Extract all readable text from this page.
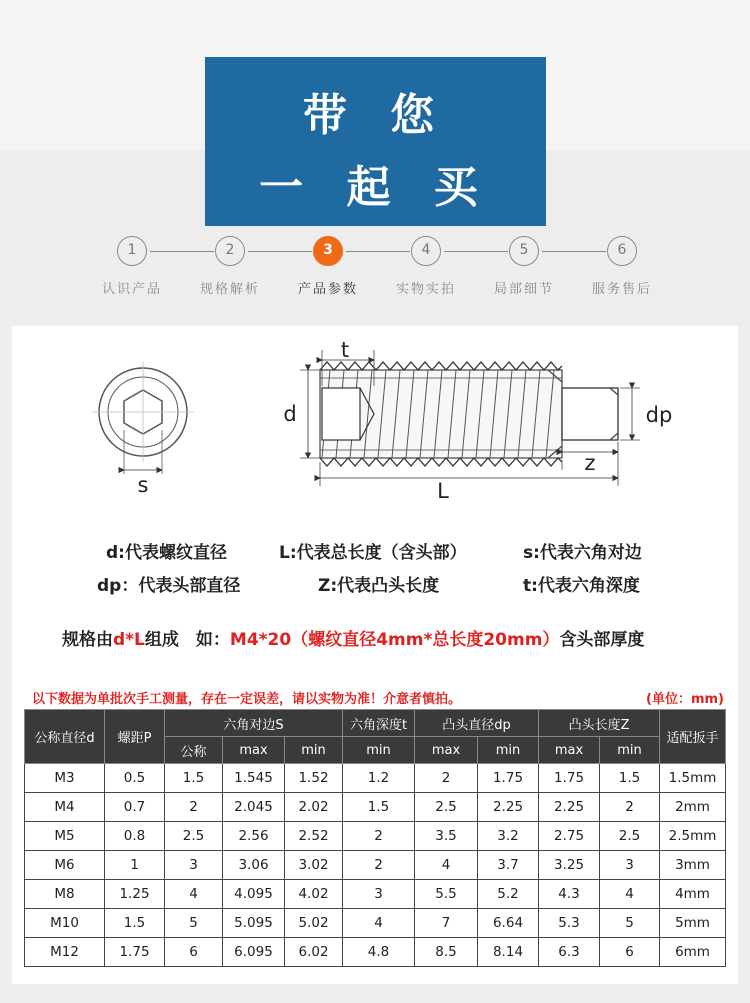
带 您
一 起 买
1
认识产品
2
规格解析
3
产品参数
4
实物实拍
5
局部细节
6
服务售后
s
t
d
L
z
dp
d:代表螺纹直径	L:代表总长度（含头部）	s:代表六角对边
dp：代表头部直径	Z:代表凸头长度	t:代表六角深度
规格由d*L组成　如：M4*20（螺纹直径4mm*总长度20mm）含头部厚度
以下数据为单批次手工测量，存在一定误差，请以实物为准！介意者慎拍。	(单位：mm)
公称直径d	螺距P	六角对边S			六角深度t	凸头直径dp		凸头长度Z		适配扳手
		公称	max	min	min	max	min	max	min	
M3	0.5	1.5	1.545	1.52	1.2	2	1.75	1.75	1.5	1.5mm
M4	0.7	2	2.045	2.02	1.5	2.5	2.25	2.25	2	2mm
M5	0.8	2.5	2.56	2.52	2	3.5	3.2	2.75	2.5	2.5mm
M6	1	3	3.06	3.02	2	4	3.7	3.25	3	3mm
M8	1.25	4	4.095	4.02	3	5.5	5.2	4.3	4	4mm
M10	1.5	5	5.095	5.02	4	7	6.64	5.3	5	5mm
M12	1.75	6	6.095	6.02	4.8	8.5	8.14	6.3	6	6mm
